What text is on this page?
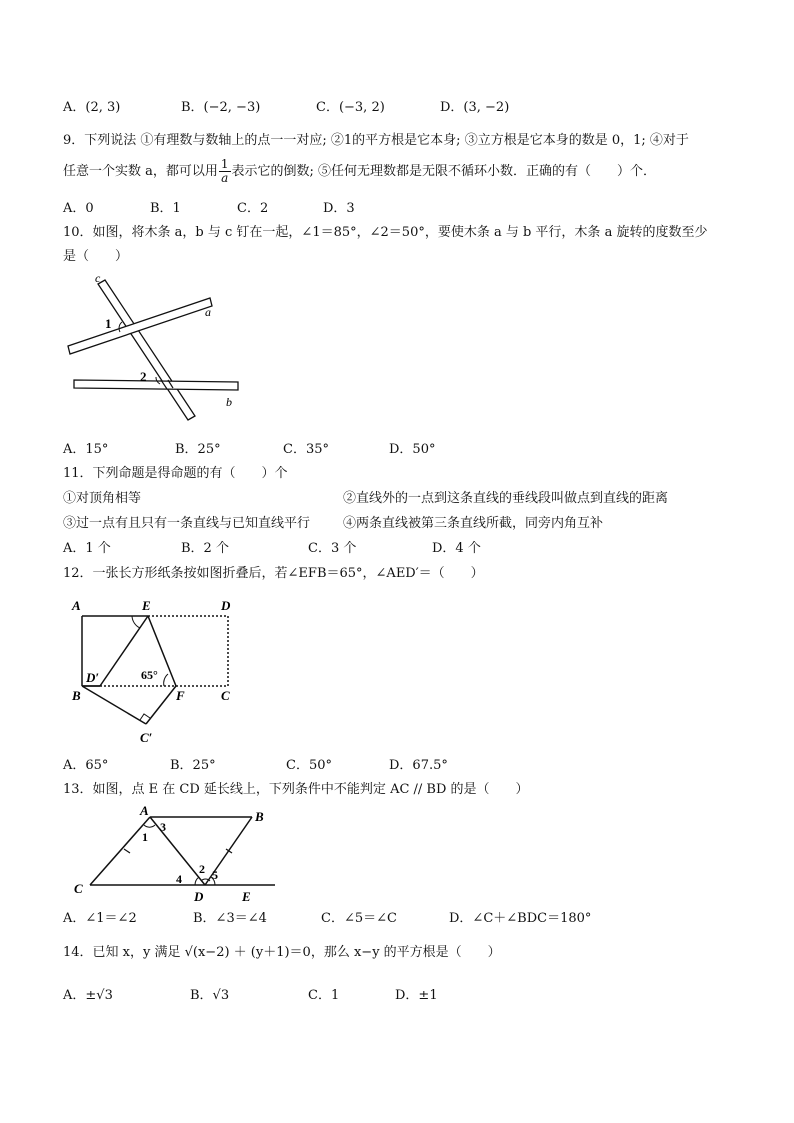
A．(2, 3)	B．(−2, −3)	C．(−3, 2)	D．(3, −2)
9．下列说法 ①有理数与数轴上的点一一对应; ②1的平方根是它本身; ③立方根是它本身的数是 0，1; ④对于
任意一个实数 a，都可以用 $\frac{1}{a}$ 表示它的倒数; ⑤任何无理数都是无限不循环小数．正确的有（　　）个．
A．0	B．1	C．2	D．3
10．如图，将木条 a，b 与 c 钉在一起，∠1＝85°，∠2＝50°，要使木条 a 与 b 平行，木条 a 旋转的度数至少
是（　　）
c
a
b
1
2
A．15°	B．25°	C．35°	D．50°
11．下列命题是得命题的有（　　）个
①对顶角相等	②直线外的一点到这条直线的垂线段叫做点到直线的距离
③过一点有且只有一条直线与已知直线平行	④两条直线被第三条直线所截，同旁内角互补
A．1 个	B．2 个	C．3 个	D．4 个
12．一张长方形纸条按如图折叠后，若∠EFB＝65°，∠AED′＝（　　）
A	E	D
D′	65°
B	F	C
C′
A．65°	B．25°	C．50°	D．67.5°
13．如图，点 E 在 CD 延长线上，下列条件中不能判定 AC // BD 的是（　　）
A	B
C
D	E
1
3
2
4	5
A．∠1＝∠2	B．∠3＝∠4	C．∠5＝∠C	D．∠C＋∠BDC＝180°
14．已知 x，y 满足 √(x−2) ＋ (y＋1)＝0，那么 x−y 的平方根是（　　）
A．±√3	B．√3	C．1	D．±1
